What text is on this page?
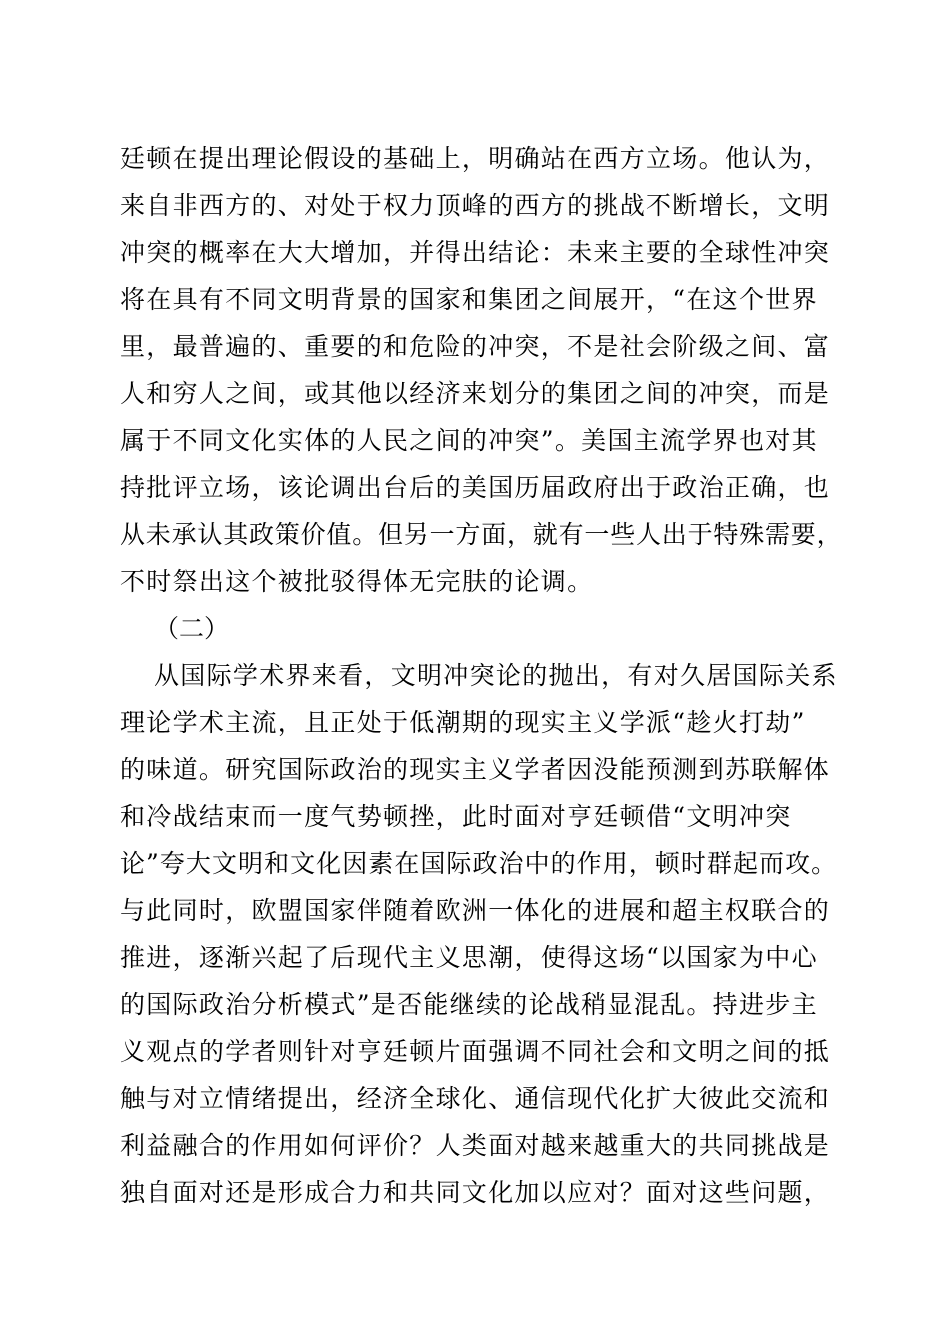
廷顿在提出理论假设的基础上，明确站在西方立场。他认为，
来自非西方的、对处于权力顶峰的西方的挑战不断增长，文明
冲突的概率在大大增加，并得出结论：未来主要的全球性冲突
将在具有不同文明背景的国家和集团之间展开，“在这个世界
里，最普遍的、重要的和危险的冲突，不是社会阶级之间、富
人和穷人之间，或其他以经济来划分的集团之间的冲突，而是
属于不同文化实体的人民之间的冲突”。美国主流学界也对其
持批评立场，该论调出台后的美国历届政府出于政治正确，也
从未承认其政策价值。但另一方面，就有一些人出于特殊需要，
不时祭出这个被批驳得体无完肤的论调。
（二）
从国际学术界来看，文明冲突论的抛出，有对久居国际关系
理论学术主流，且正处于低潮期的现实主义学派“趁火打劫”
的味道。研究国际政治的现实主义学者因没能预测到苏联解体
和冷战结束而一度气势顿挫，此时面对亨廷顿借“文明冲突
论”夸大文明和文化因素在国际政治中的作用，顿时群起而攻。
与此同时，欧盟国家伴随着欧洲一体化的进展和超主权联合的
推进，逐渐兴起了后现代主义思潮，使得这场“以国家为中心
的国际政治分析模式”是否能继续的论战稍显混乱。持进步主
义观点的学者则针对亨廷顿片面强调不同社会和文明之间的抵
触与对立情绪提出，经济全球化、通信现代化扩大彼此交流和
利益融合的作用如何评价？人类面对越来越重大的共同挑战是
独自面对还是形成合力和共同文化加以应对？面对这些问题，
